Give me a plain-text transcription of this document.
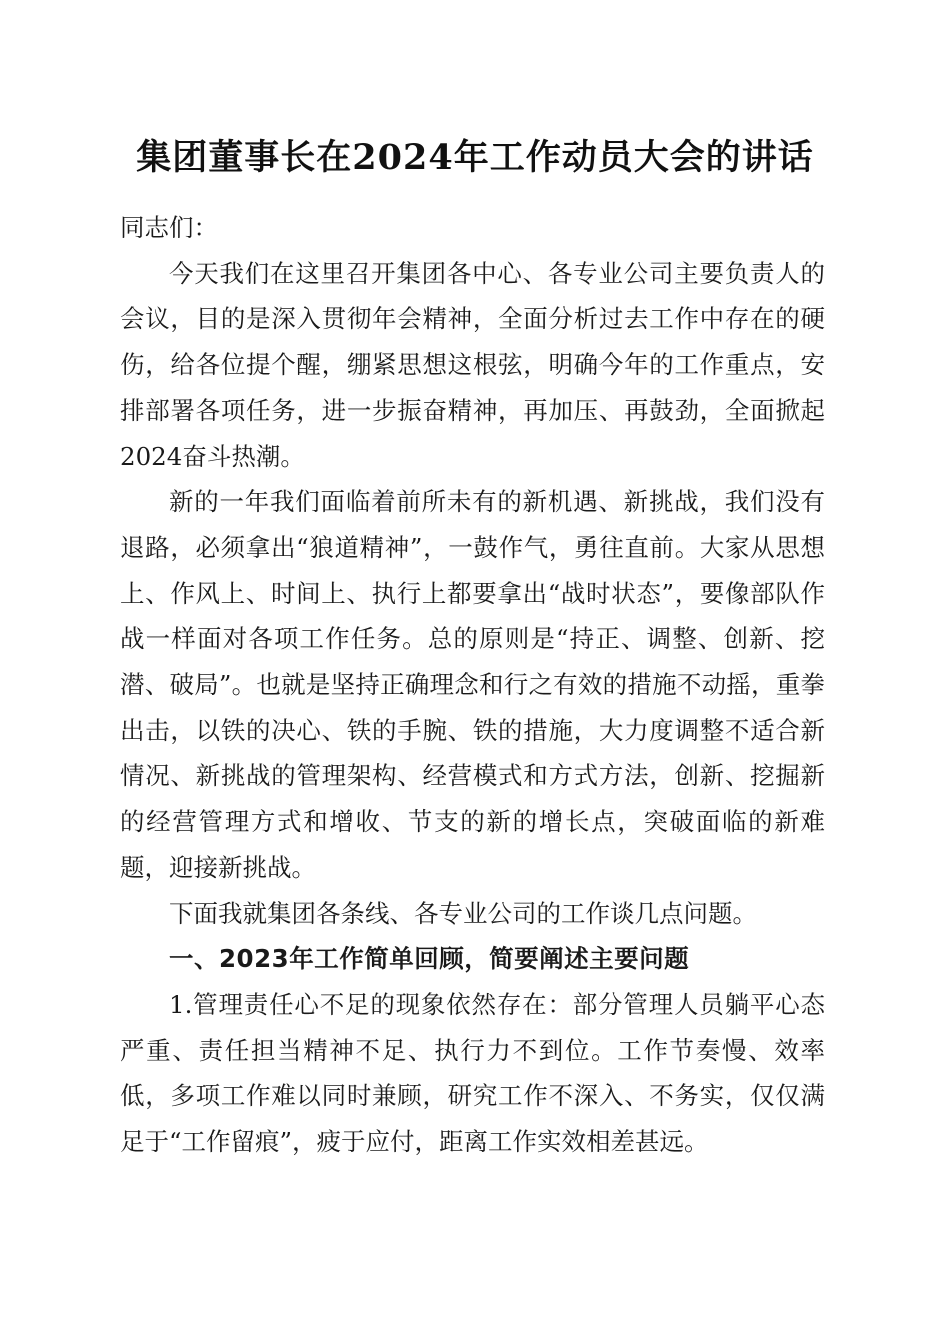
集团董事长在2024年工作动员大会的讲话

同志们：

今天我们在这里召开集团各中心、各专业公司主要负责人的会议，目的是深入贯彻年会精神，全面分析过去工作中存在的硬伤，给各位提个醒，绷紧思想这根弦，明确今年的工作重点，安排部署各项任务，进一步振奋精神，再加压、再鼓劲，全面掀起2024奋斗热潮。

新的一年我们面临着前所未有的新机遇、新挑战，我们没有退路，必须拿出“狼道精神”，一鼓作气，勇往直前。大家从思想上、作风上、时间上、执行上都要拿出“战时状态”，要像部队作战一样面对各项工作任务。总的原则是“持正、调整、创新、挖潜、破局”。也就是坚持正确理念和行之有效的措施不动摇，重拳出击，以铁的决心、铁的手腕、铁的措施，大力度调整不适合新情况、新挑战的管理架构、经营模式和方式方法，创新、挖掘新的经营管理方式和增收、节支的新的增长点，突破面临的新难题，迎接新挑战。

下面我就集团各条线、各专业公司的工作谈几点问题。

一、2023年工作简单回顾，简要阐述主要问题

1.管理责任心不足的现象依然存在：部分管理人员躺平心态严重、责任担当精神不足、执行力不到位。工作节奏慢、效率低，多项工作难以同时兼顾，研究工作不深入、不务实，仅仅满足于“工作留痕”，疲于应付，距离工作实效相差甚远。
